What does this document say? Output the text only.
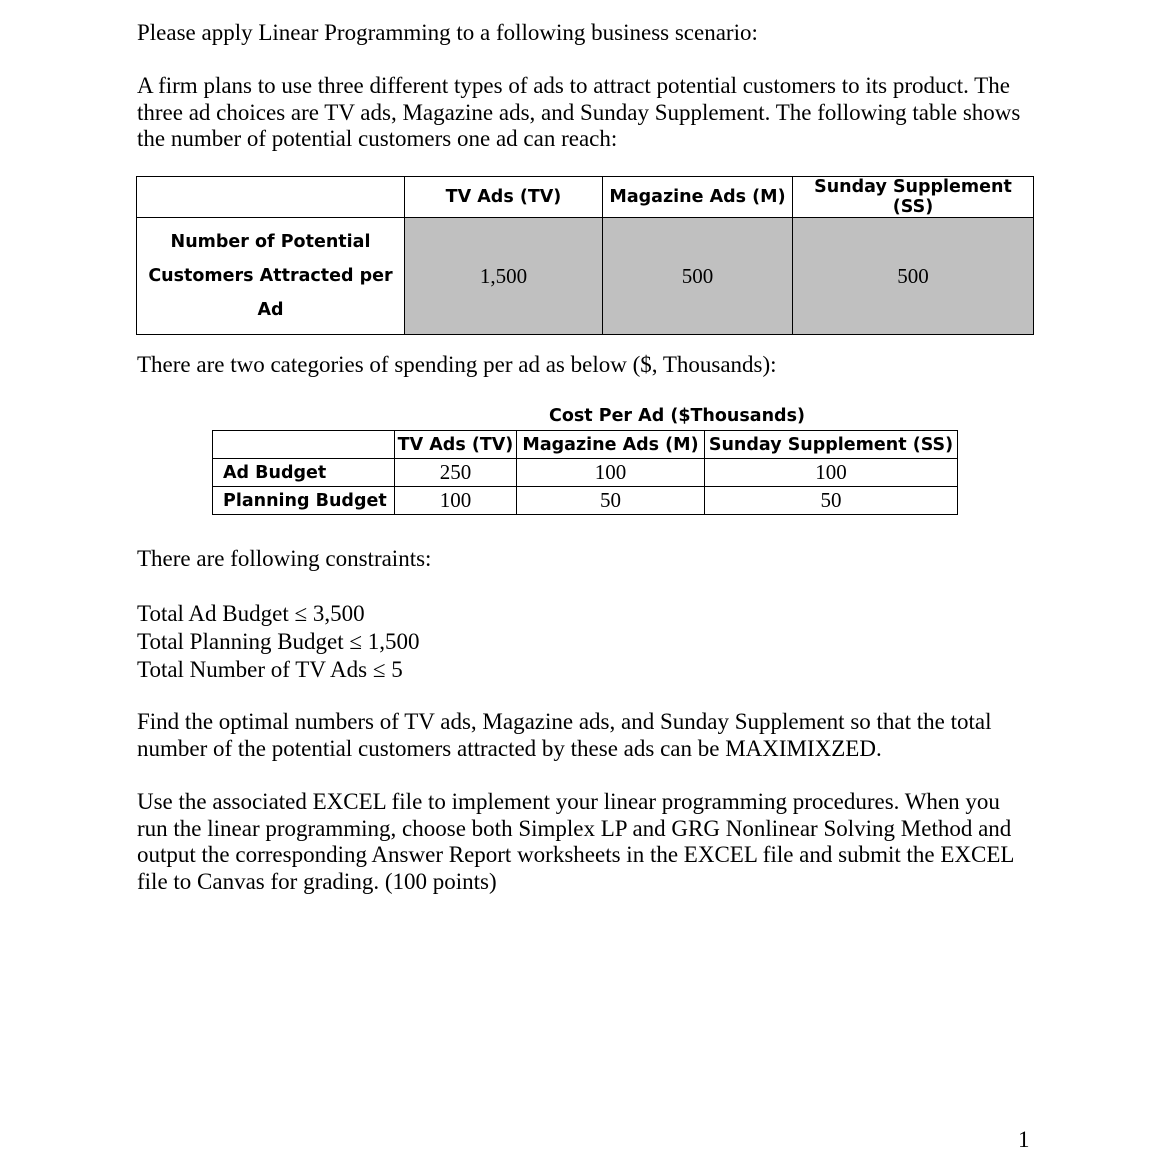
Please apply Linear Programming to a following business scenario:

A firm plans to use three different types of ads to attract potential customers to its product. The

three ad choices are TV ads, Magazine ads, and Sunday Supplement. The following table shows

the number of potential customers one ad can reach:

	TV Ads (TV)	Magazine Ads (M)	Sunday Supplement (SS)

Number of Potential
Customers Attracted per Ad	1,500	500	500

There are two categories of spending per ad as below ($, Thousands):

Cost Per Ad ($Thousands)
	TV Ads (TV)	Magazine Ads (M)	Sunday Supplement (SS)
Ad Budget	250	100	100
Planning Budget	100	50	50

There are following constraints:

Total Ad Budget ≤ 3,500

Total Planning Budget ≤ 1,500

Total Number of TV Ads ≤ 5

Find the optimal numbers of TV ads, Magazine ads, and Sunday Supplement so that the total

number of the potential customers attracted by these ads can be MAXIMIXZED.

Use the associated EXCEL file to implement your linear programming procedures. When you

run the linear programming, choose both Simplex LP and GRG Nonlinear Solving Method and

output the corresponding Answer Report worksheets in the EXCEL file and submit the EXCEL

file to Canvas for grading. (100 points)

1
